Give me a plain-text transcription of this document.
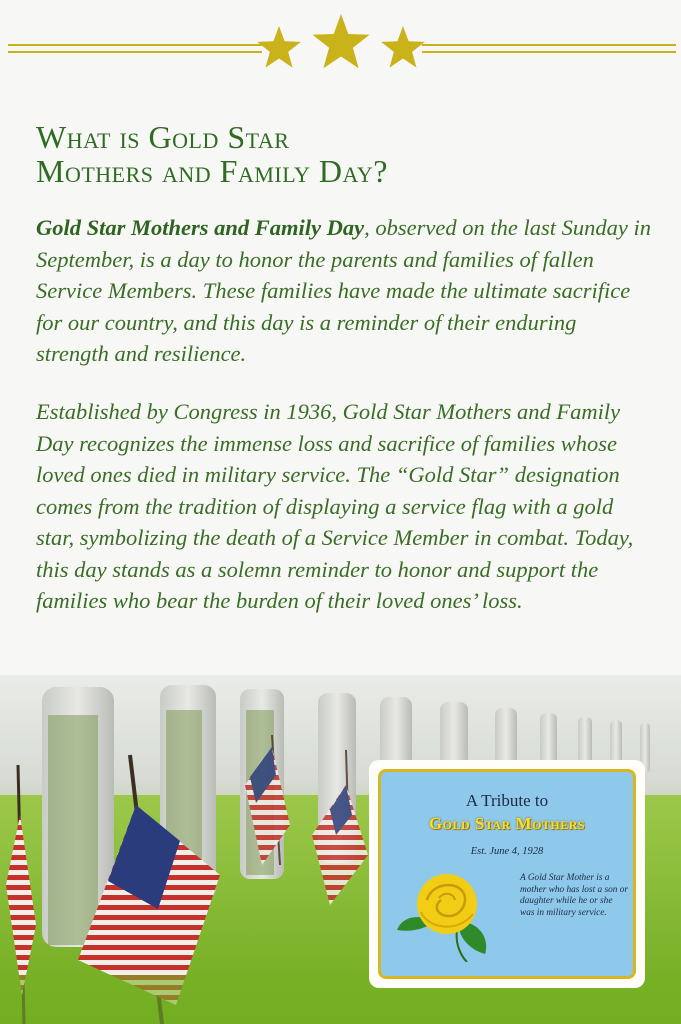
What is Gold Star
Mothers and Family Day?

Gold Star Mothers and Family Day, observed on the last Sunday in September, is a day to honor the parents and families of fallen Service Members. These families have made the ultimate sacrifice for our country, and this day is a reminder of their enduring strength and resilience.

Established by Congress in 1936, Gold Star Mothers and Family Day recognizes the immense loss and sacrifice of families whose loved ones died in military service. The “Gold Star” designation comes from the tradition of displaying a service flag with a gold star, symbolizing the death of a Service Member in combat. Today, this day stands as a solemn reminder to honor and support the families who bear the burden of their loved ones’ loss.

A Tribute to
Gold Star Mothers
Est. June 4, 1928

A Gold Star Mother is a mother who has lost a son or daughter while he or she was in military service.
